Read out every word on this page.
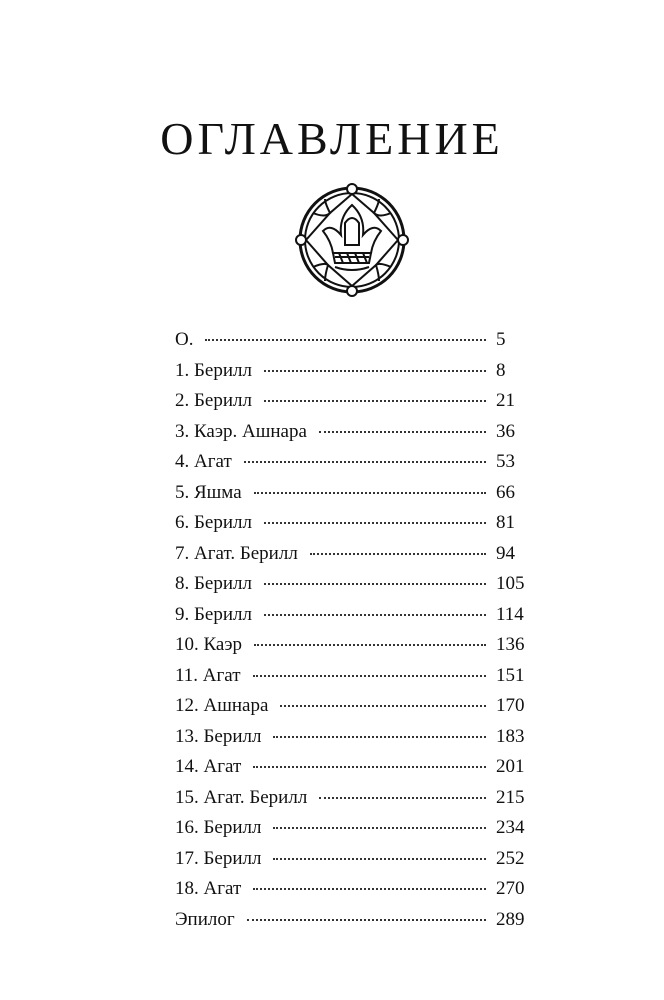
ОГЛАВЛЕНИЕ
О.	5
1. Берилл	8
2. Берилл	21
3. Каэр. Ашнара	36
4. Агат	53
5. Яшма	66
6. Берилл	81
7. Агат. Берилл	94
8. Берилл	105
9. Берилл	114
10. Каэр	136
11. Агат	151
12. Ашнара	170
13. Берилл	183
14. Агат	201
15. Агат. Берилл	215
16. Берилл	234
17. Берилл	252
18. Агат	270
Эпилог	289
